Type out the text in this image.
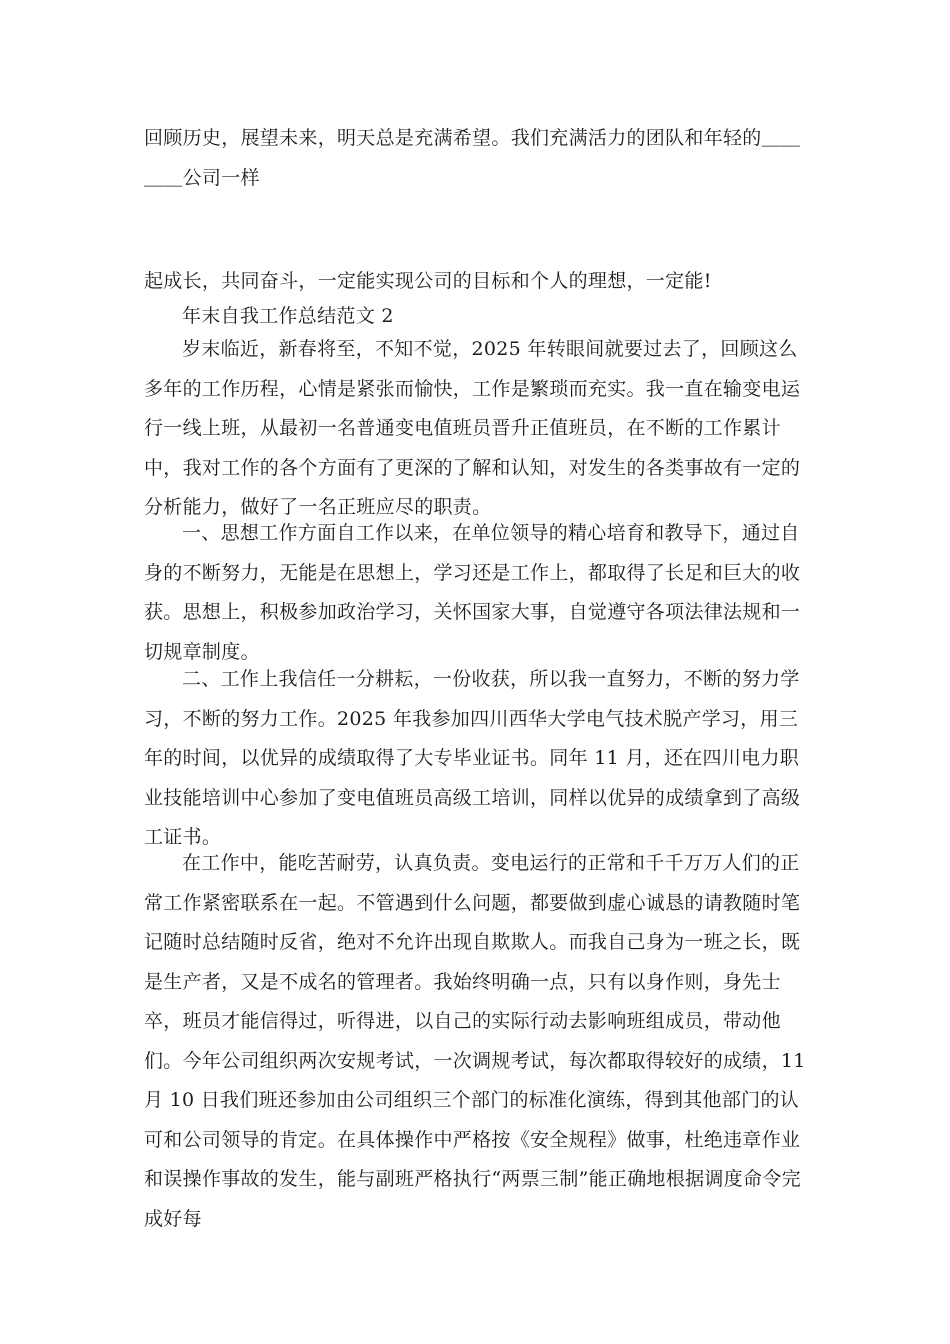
回顾历史，展望未来，明天总是充满希望。我们充满活力的团队和年轻的＿＿＿＿公司一样

起成长，共同奋斗，一定能实现公司的目标和个人的理想，一定能!

年末自我工作总结范文 2

岁末临近，新春将至，不知不觉，2025 年转眼间就要过去了，回顾这么多年的工作历程，心情是紧张而愉快，工作是繁琐而充实。我一直在输变电运行一线上班，从最初一名普通变电值班员晋升正值班员，在不断的工作累计中，我对工作的各个方面有了更深的了解和认知，对发生的各类事故有一定的分析能力，做好了一名正班应尽的职责。

一、思想工作方面自工作以来，在单位领导的精心培育和教导下，通过自身的不断努力，无能是在思想上，学习还是工作上，都取得了长足和巨大的收获。思想上，积极参加政治学习，关怀国家大事，自觉遵守各项法律法规和一切规章制度。

二、工作上我信任一分耕耘，一份收获，所以我一直努力，不断的努力学习，不断的努力工作。2025 年我参加四川西华大学电气技术脱产学习，用三年的时间，以优异的成绩取得了大专毕业证书。同年 11 月，还在四川电力职业技能培训中心参加了变电值班员高级工培训，同样以优异的成绩拿到了高级工证书。

在工作中，能吃苦耐劳，认真负责。变电运行的正常和千千万万人们的正常工作紧密联系在一起。不管遇到什么问题，都要做到虚心诚恳的请教随时笔记随时总结随时反省，绝对不允许出现自欺欺人。而我自己身为一班之长，既是生产者，又是不成名的管理者。我始终明确一点，只有以身作则，身先士卒，班员才能信得过，听得进，以自己的实际行动去影响班组成员，带动他们。今年公司组织两次安规考试，一次调规考试，每次都取得较好的成绩，11 月 10 日我们班还参加由公司组织三个部门的标准化演练，得到其他部门的认可和公司领导的肯定。在具体操作中严格按《安全规程》做事，杜绝违章作业和误操作事故的发生，能与副班严格执行“两票三制”能正确地根据调度命令完成好每
